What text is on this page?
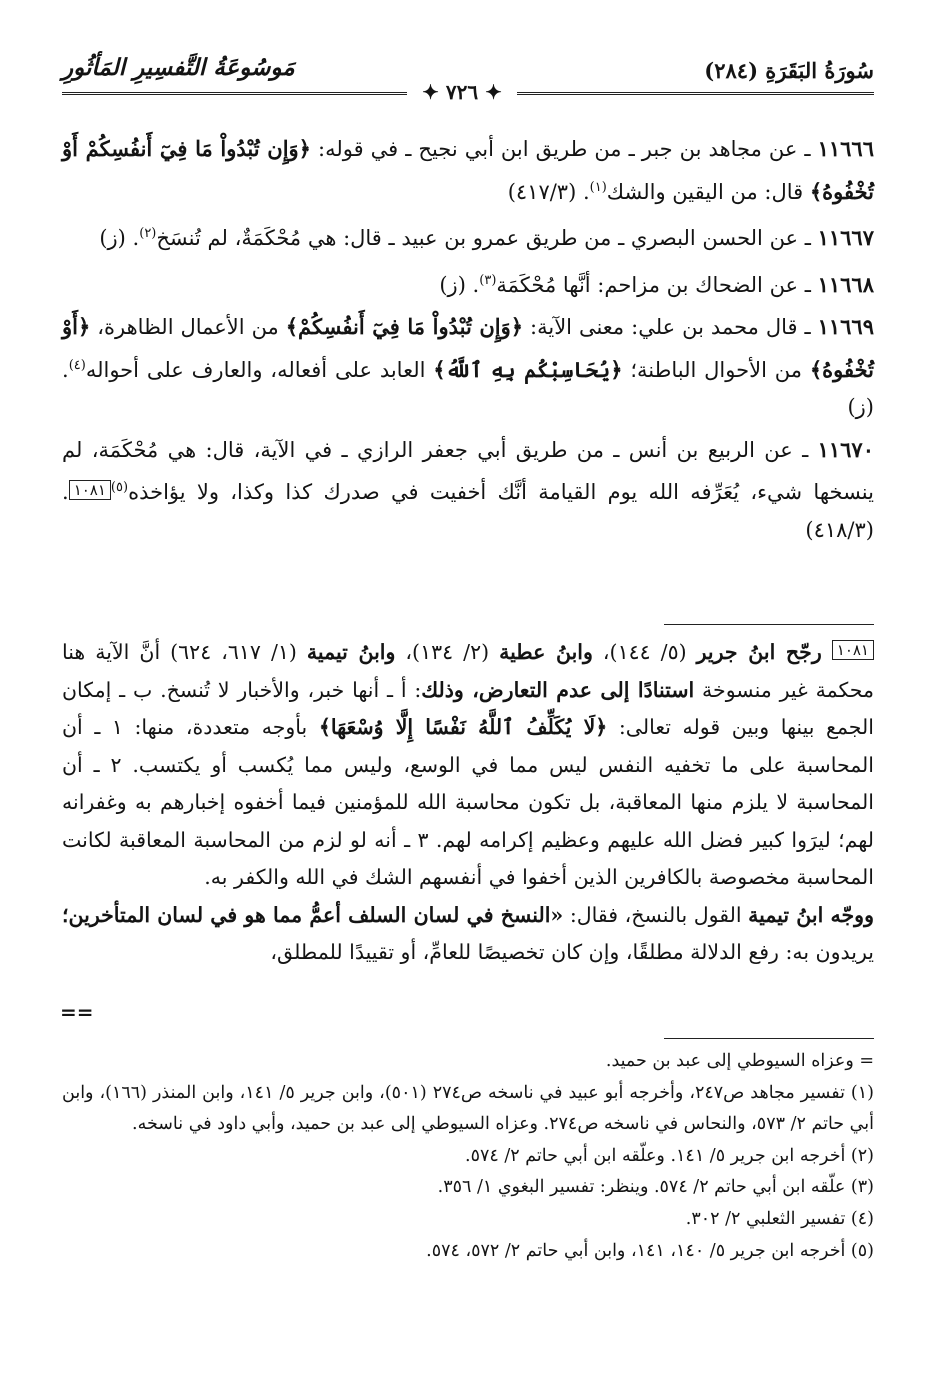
سُورَةُ البَقَرَةِ (٢٨٤)
مَوسُوعَةُ التَّفسِيرِ المَأثُورِ
✦ ٧٢٦ ✦

١١٦٦٦ ـ عن مجاهد بن جبر ـ من طريق ابن أبي نجيح ـ في قوله: ﴿وَإِن تُبْدُواْ مَا فِيٓ أَنفُسِكُمْ أَوْ تُخْفُوهُ﴾ قال: من اليقين والشك$^{(١)}$. (٤١٧/٣)

١١٦٦٧ ـ عن الحسن البصري ـ من طريق عمرو بن عبيد ـ قال: هي مُحْكَمَةٌ، لم تُنسَخ$^{(٢)}$. (ز)

١١٦٦٨ ـ عن الضحاك بن مزاحم: أنَّها مُحْكَمَة$^{(٣)}$. (ز)

١١٦٦٩ ـ قال محمد بن علي: معنى الآية: ﴿وَإِن تُبْدُواْ مَا فِيٓ أَنفُسِكُمْ﴾ من الأعمال الظاهرة، ﴿أَوْ تُخْفُوهُ﴾ من الأحوال الباطنة؛ ﴿يُحَاسِبْكُم بِهِ ٱللَّهُ﴾ العابد على أفعاله، والعارف على أحواله$^{(٤)}$. (ز)

١١٦٧٠ ـ عن الربيع بن أنس ـ من طريق أبي جعفر الرازي ـ في الآية، قال: هي مُحْكَمَة، لم ينسخها شيء، يُعَرِّفه الله يوم القيامة أنَّك أخفيت في صدرك كذا وكذا، ولا يؤاخذه$^{(٥)}$١٠٨١. (٤١٨/٣)

١٠٨١ رجّح ابنُ جرير (٥/ ١٤٤)، وابنُ عطية (٢/ ١٣٤)، وابنُ تيمية (١/ ٦١٧، ٦٢٤) أنَّ الآية هنا محكمة غير منسوخة استنادًا إلى عدم التعارض، وذلك: أ ـ أنها خبر، والأخبار لا تُنسخ. ب ـ إمكان الجمع بينها وبين قوله تعالى: ﴿لَا يُكَلِّفُ ٱللَّهُ نَفْسًا إِلَّا وُسْعَهَا﴾ بأوجه متعددة، منها: ١ ـ أن المحاسبة على ما تخفيه النفس ليس مما في الوسع، وليس مما يُكسب أو يكتسب. ٢ ـ أن المحاسبة لا يلزم منها المعاقبة، بل تكون محاسبة الله للمؤمنين فيما أخفوه إخبارهم به وغفرانه لهم؛ ليرَوا كبير فضل الله عليهم وعظيم إكرامه لهم. ٣ ـ أنه لو لزم من المحاسبة المعاقبة لكانت المحاسبة مخصوصة بالكافرين الذين أخفوا في أنفسهم الشك في الله والكفر به.

ووجّه ابنُ تيمية القول بالنسخ، فقال: «النسخ في لسان السلف أعمُّ مما هو في لسان المتأخرين؛ يريدون به: رفع الدلالة مطلقًا، وإن كان تخصيصًا للعامِّ، أو تقييدًا للمطلق،

==

= وعزاه السيوطي إلى عبد بن حميد.

(١) تفسير مجاهد ص٢٤٧، وأخرجه أبو عبيد في ناسخه ص٢٧٤ (٥٠١)، وابن جرير ٥/ ١٤١، وابن المنذر (١٦٦)، وابن أبي حاتم ٢/ ٥٧٣، والنحاس في ناسخه ص٢٧٤. وعزاه السيوطي إلى عبد بن حميد، وأبي داود في ناسخه.

(٢) أخرجه ابن جرير ٥/ ١٤١. وعلّقه ابن أبي حاتم ٢/ ٥٧٤.

(٣) علّقه ابن أبي حاتم ٢/ ٥٧٤. وينظر: تفسير البغوي ١/ ٣٥٦.

(٤) تفسير الثعلبي ٢/ ٣٠٢.

(٥) أخرجه ابن جرير ٥/ ١٤٠، ١٤١، وابن أبي حاتم ٢/ ٥٧٢، ٥٧٤.
